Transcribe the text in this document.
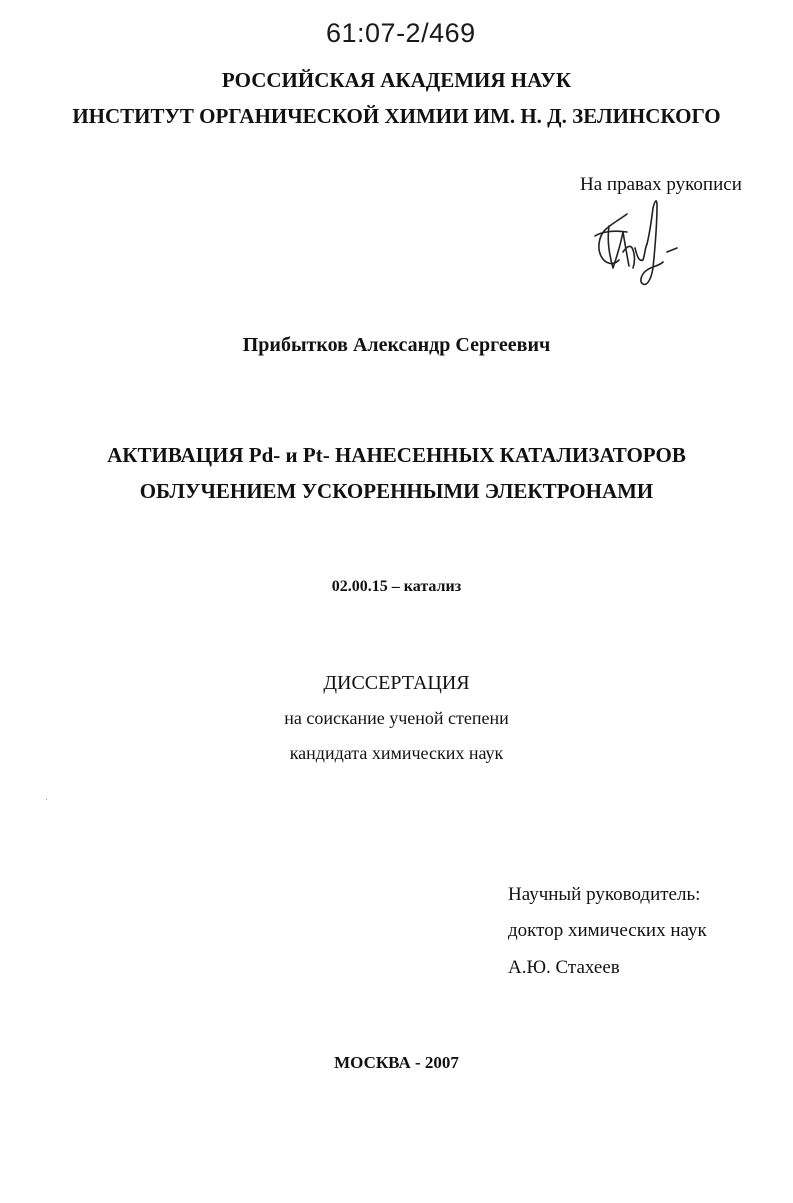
61:07-2/469
РОССИЙСКАЯ АКАДЕМИЯ НАУК
ИНСТИТУТ ОРГАНИЧЕСКОЙ ХИМИИ ИМ. Н. Д. ЗЕЛИНСКОГО
На правах рукописи
Прибытков Александр Сергеевич
АКТИВАЦИЯ Pd- и Pt- НАНЕСЕННЫХ КАТАЛИЗАТОРОВ
ОБЛУЧЕНИЕМ УСКОРЕННЫМИ ЭЛЕКТРОНАМИ
02.00.15 – катализ
ДИССЕРТАЦИЯ
на соискание ученой степени
кандидата химических наук
Научный руководитель:
доктор химических наук
А.Ю. Стахеев
МОСКВА - 2007
